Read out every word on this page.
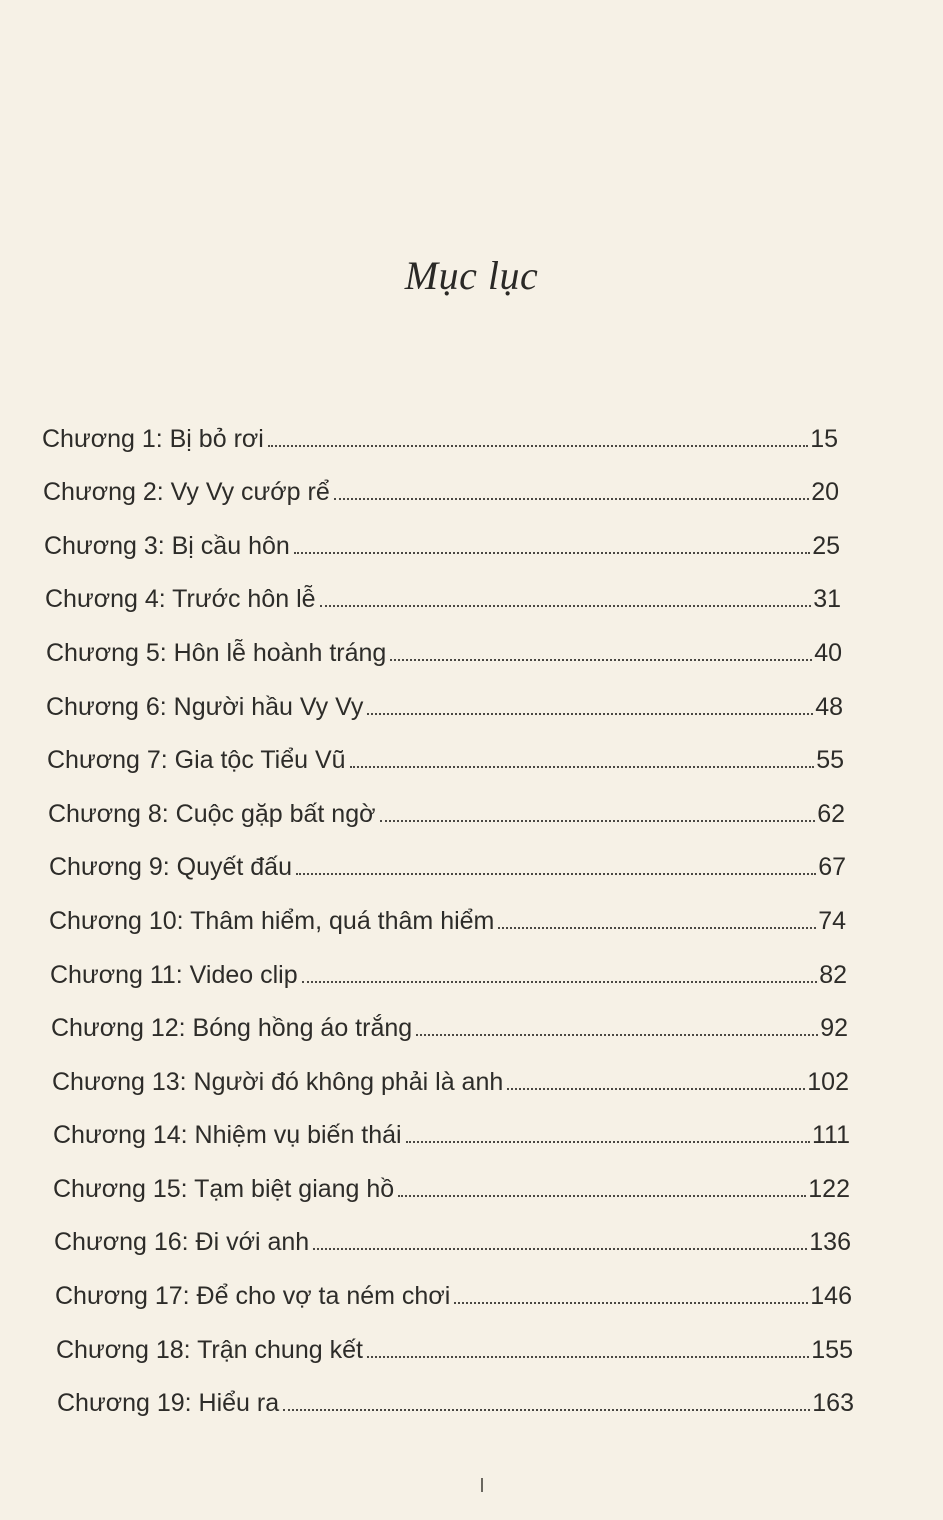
Mục lục
Chương 1: Bị bỏ rơi	15
Chương 2: Vy Vy cướp rể	20
Chương 3: Bị cầu hôn	25
Chương 4: Trước hôn lễ	31
Chương 5: Hôn lễ hoành tráng	40
Chương 6: Người hầu Vy Vy	48
Chương 7: Gia tộc Tiểu Vũ	55
Chương 8: Cuộc gặp bất ngờ	62
Chương 9: Quyết đấu	67
Chương 10: Thâm hiểm, quá thâm hiểm	74
Chương 11: Video clip	82
Chương 12: Bóng hồng áo trắng	92
Chương 13: Người đó không phải là anh	102
Chương 14: Nhiệm vụ biến thái	111
Chương 15: Tạm biệt giang hồ	122
Chương 16: Đi với anh	136
Chương 17: Để cho vợ ta ném chơi	146
Chương 18: Trận chung kết	155
Chương 19: Hiểu ra	163
